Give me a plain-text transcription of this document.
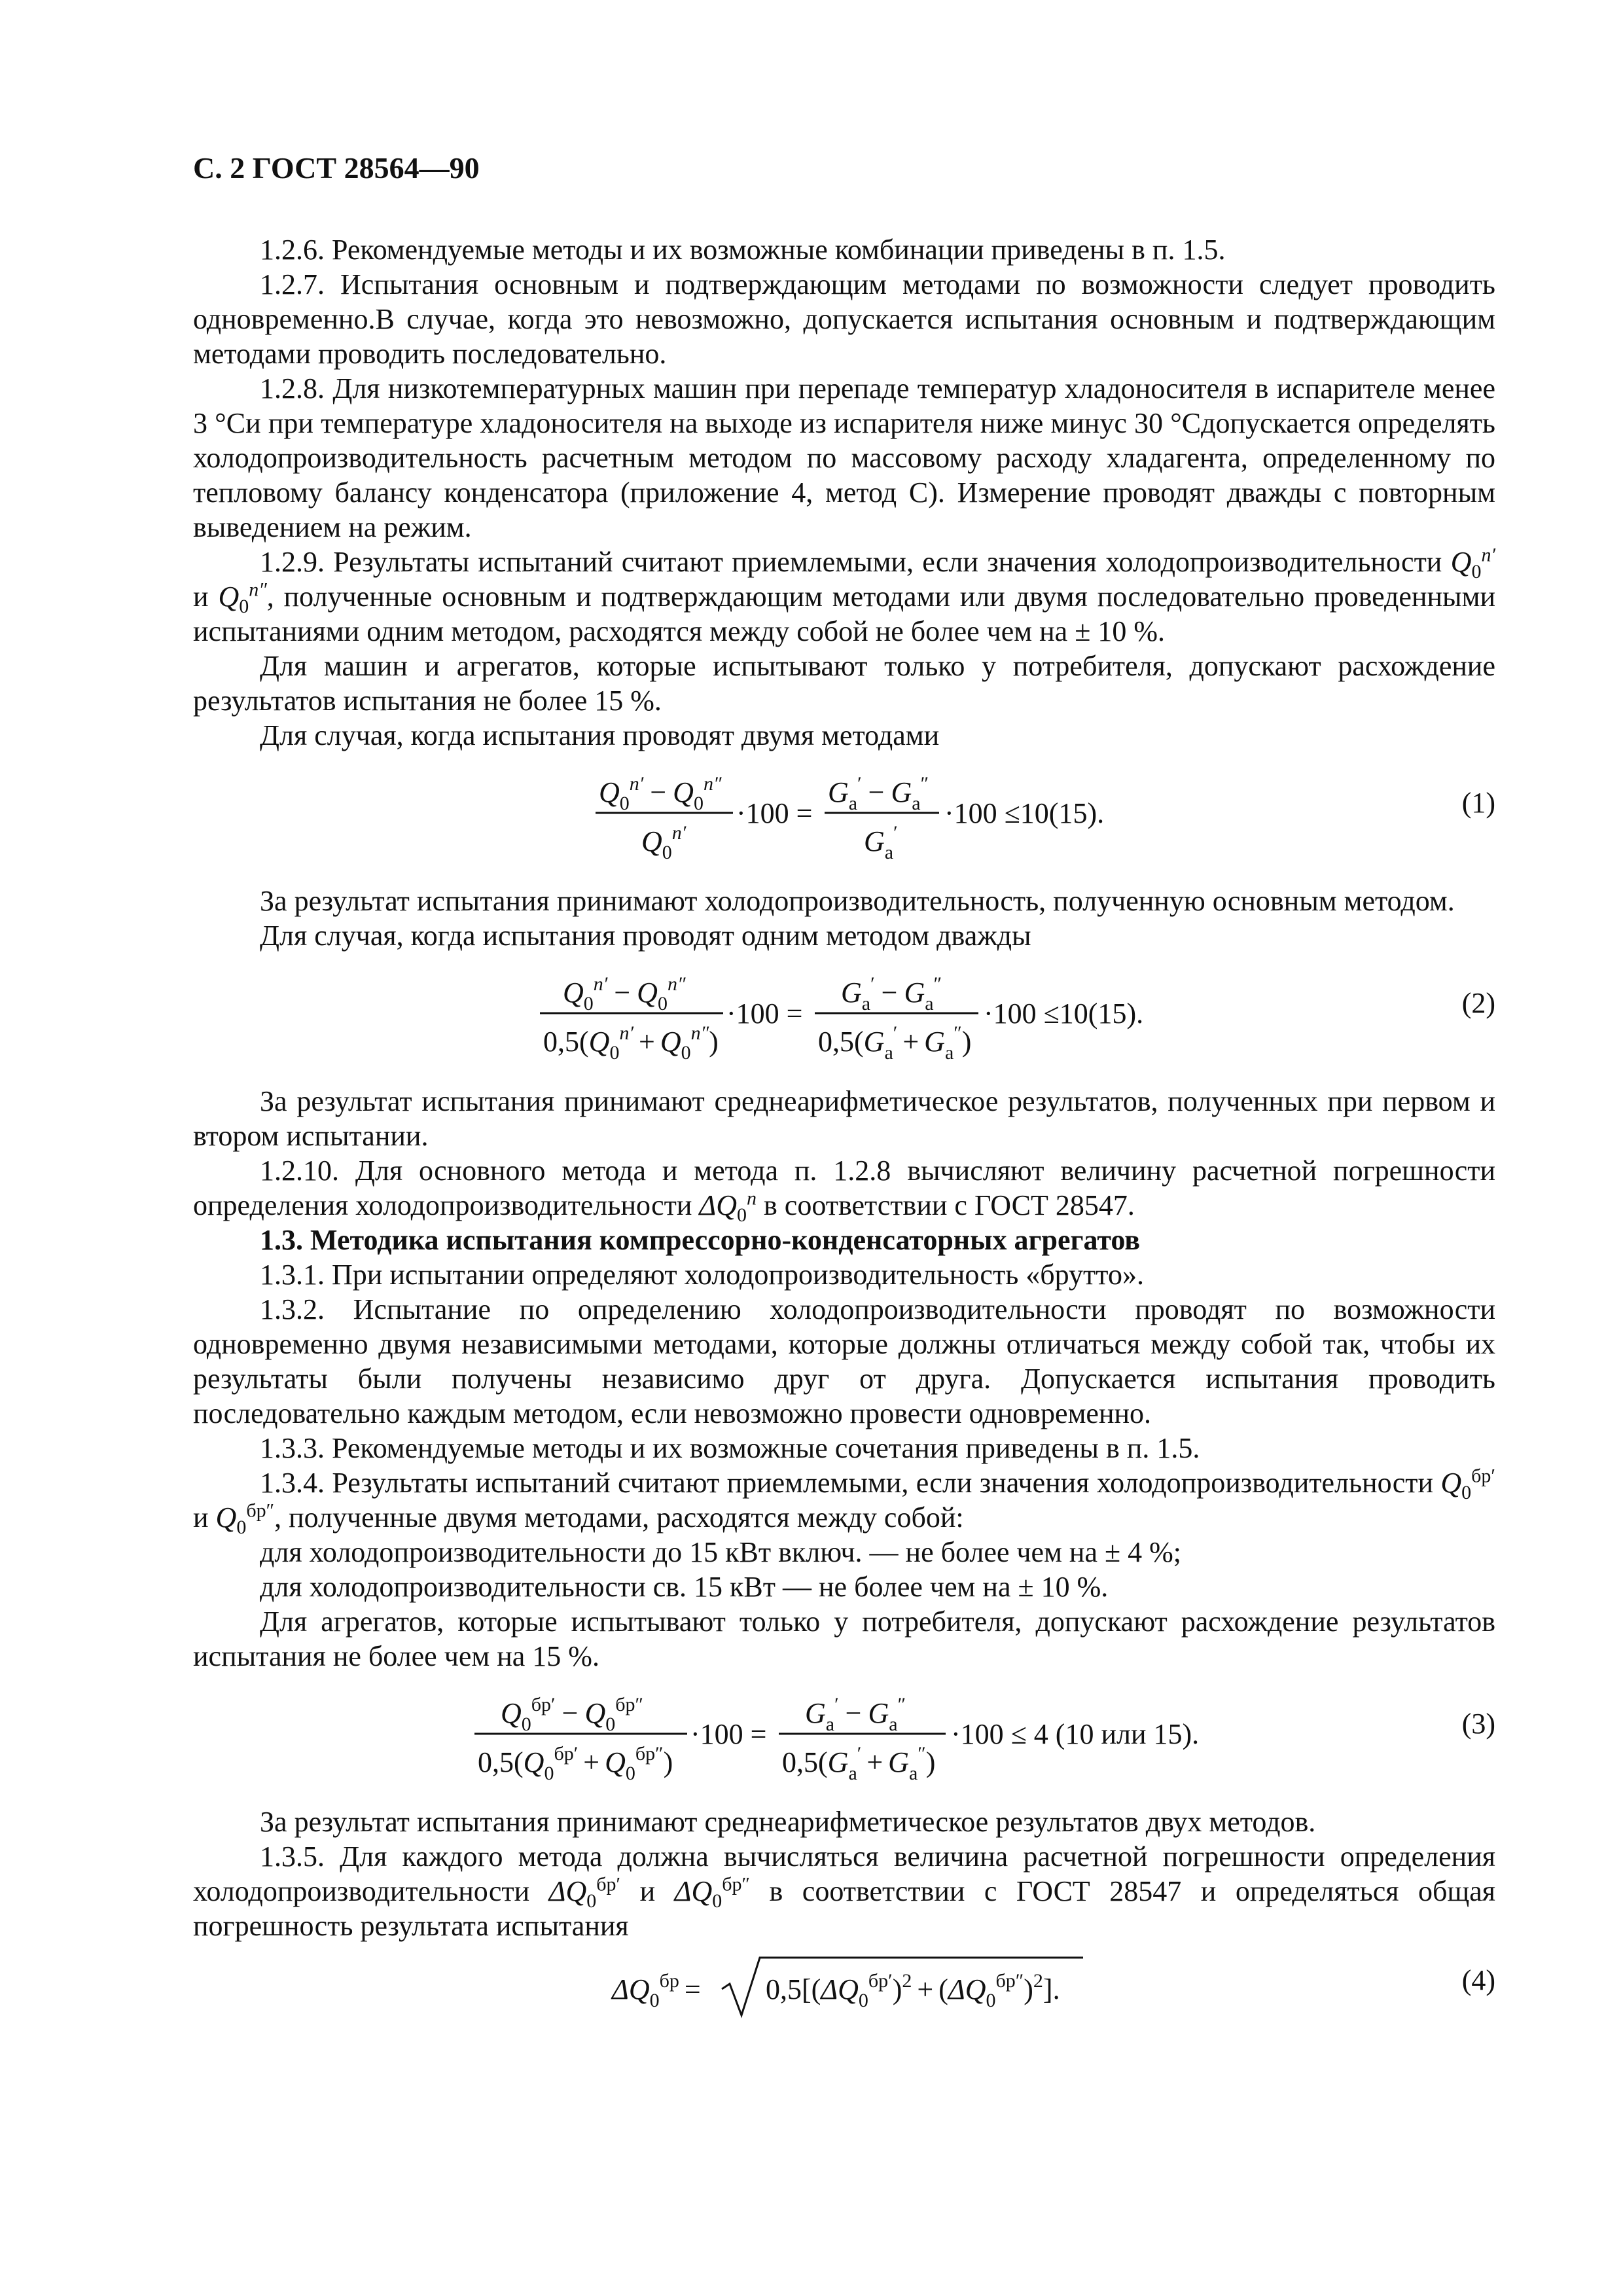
С. 2 ГОСТ 28564—90

1.2.6. Рекомендуемые методы и их возможные комбинации приведены в п. 1.5.

1.2.7. Испытания основным и подтверждающим методами по возможности следует проводить одновременно.В случае, когда это невозможно, допускается испытания основным и подтверждающим методами проводить последовательно.

1.2.8. Для низкотемпературных машин при перепаде температур хладоносителя в испарителе менее 3 °Си при температуре хладоносителя на выходе из испарителя ниже минус 30 °Сдопускается определять холодопроизводительность расчетным методом по массовому расходу хладагента, определенному по тепловому балансу конденсатора (приложение 4, метод С). Измерение проводят дважды с повторным выведением на режим.

1.2.9. Результаты испытаний считают приемлемыми, если значения холодопроизводительности $Q_0^{n'}$ и $Q_0^{n''}$, полученные основным и подтверждающим методами или двумя последовательно проведенными испытаниями одним методом, расходятся между собой не более чем на ± 10 %.

Для машин и агрегатов, которые испытывают только у потребителя, допускают расхождение результатов испытания не более 15 %.

Для случая, когда испытания проводят двумя методами

$Q_0^{n'} - Q_0^{n''}$
$Q_0^{n'}$
·100 =
$G_а' - G_а''$
$G_а'$
·100 ≤10(15).	(1)

За результат испытания принимают холодопроизводительность, полученную основным методом.

Для случая, когда испытания проводят одним методом дважды

$Q_0^{n'} - Q_0^{n''}$
$0,5(Q_0^{n'} + Q_0^{n''})$
·100 =
$G_а' - G_а''$
$0,5(G_а' + G_а'')$
·100 ≤10(15).	(2)

За результат испытания принимают среднеарифметическое результатов, полученных при первом и втором испытании.

1.2.10. Для основного метода и метода п. 1.2.8 вычисляют величину расчетной погрешности определения холодопроизводительности $\Delta Q_0^n$ в соответствии с ГОСТ 28547.

1.3. Методика испытания компрессорно-конденсаторных агрегатов

1.3.1. При испытании определяют холодопроизводительность «брутто».

1.3.2. Испытание по определению холодопроизводительности проводят по возможности одновременно двумя независимыми методами, которые должны отличаться между собой так, чтобы их результаты были получены независимо друг от друга. Допускается испытания проводить последовательно каждым методом, если невозможно провести одновременно.

1.3.3. Рекомендуемые методы и их возможные сочетания приведены в п. 1.5.

1.3.4. Результаты испытаний считают приемлемыми, если значения холодопроизводительности $Q_0^{бр'}$ и $Q_0^{бр''}$, полученные двумя методами, расходятся между собой:

для холодопроизводительности до 15 кВт включ. — не более чем на ± 4 %;

для холодопроизводительности св. 15 кВт — не более чем на ± 10 %.

Для агрегатов, которые испытывают только у потребителя, допускают расхождение результатов испытания не более чем на 15 %.

$Q_0^{бр'} - Q_0^{бр''}$
$0,5(Q_0^{бр'} + Q_0^{бр''})$
·100 =
$G_а' - G_а''$
$0,5(G_а' + G_а'')$
·100 ≤ 4 (10 или 15).	(3)

За результат испытания принимают среднеарифметическое результатов двух методов.

1.3.5. Для каждого метода должна вычисляться величина расчетной погрешности определения холодопроизводительности $\Delta Q_0^{бр'}$ и $\Delta Q_0^{бр''}$ в соответствии с ГОСТ 28547 и определяться общая погрешность результата испытания

$\Delta Q_0^{бр} = 0,5[(\Delta Q_0^{бр'})^2 + (\Delta Q_0^{бр''})^2]$.	(4)
